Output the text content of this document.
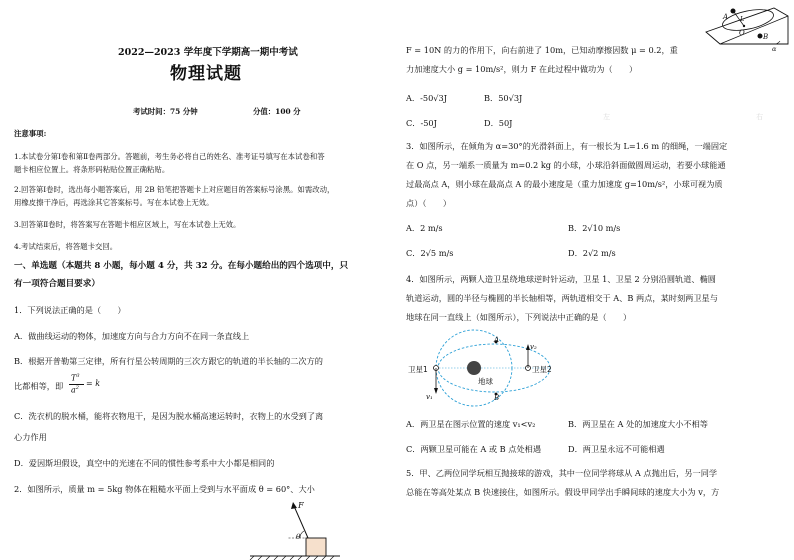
2022—2023 学年度下学期高一期中考试
物理试题
考试时间：75 分钟	分值：100 分
注意事项:
1.本试卷分第Ⅰ卷和第Ⅱ卷两部分。答题前，考生务必将自己的姓名、准考证号填写在本试卷和答
题卡相应位置上。将条形码粘贴位置正确粘贴。
2.回答第Ⅰ卷时，选出每小题答案后，用 2B 铅笔把答题卡上对应题目的答案标号涂黑。如需改动，
用橡皮擦干净后，再选涂其它答案标号。写在本试卷上无效。
3.回答第Ⅱ卷时，将答案写在答题卡相应区域上，写在本试卷上无效。
4.考试结束后，将答题卡交回。
一、单选题（本题共 8 小题，每小题 4 分，共 32 分。在每小题给出的四个选项中，只
有一项符合题目要求）
1．下列说法正确的是（　　）
A．做曲线运动的物体，加速度方向与合力方向不在同一条直线上
B．根据开普勒第三定律，所有行星公转周期的三次方跟它的轨道的半长轴的二次方的
比都相等，即
$T^3$
$a^2 = k$
C．洗衣机的脱水桶，能将衣物甩干，是因为脱水桶高速运转时，衣物上的水受到了离
心力作用
D．爱因斯坦假设，真空中的光速在不同的惯性参考系中大小都是相同的
2．如图所示，质量 m = 5kg 物体在粗糙水平面上受到与水平面成 θ = 60°、大小
F
θ
F = 10N 的力的作用下，向右前进了 10m，已知动摩擦因数 μ = 0.2，重
力加速度大小 g = 10m/s²，则力 F 在此过程中做功为（　　）
A．-50√3J	B．50√3J
C．-50J	D．50J
左	右
A L
O	B
α
3．如图所示，在倾角为 α=30°的光滑斜面上，有一根长为 L=1.6 m 的细绳，一端固定
在 O 点，另一端系一质量为 m=0.2 kg 的小球，小球沿斜面做圆周运动，若要小球能通
过最高点 A，则小球在最高点 A 的最小速度是（重力加速度 g=10m/s²，小球可视为质
点）（　　）
A．2 m/s	B．2√10 m/s
C．2√5 m/s	D．2√2 m/s
4．如图所示，两颗人造卫星绕地球逆时针运动，卫星 1、卫星 2 分别沿圆轨道、椭圆
轨道运动，圆的半径与椭圆的半长轴相等，两轨道相交于 A、B 两点，某时刻两卫星与
地球在同一直线上（如图所示），下列说法中正确的是（　　）
卫星1	卫星2
地球
A
B
v₁
v₂
A．两卫星在图示位置的速度 v₁<v₂	B．两卫星在 A 处的加速度大小不相等
C．两颗卫星可能在 A 或 B 点处相遇	D．两卫星永远不可能相遇
5．甲、乙两位同学玩相互抛接球的游戏，其中一位同学将球从 A 点抛出后，另一同学
总能在等高处某点 B 快速接住，如图所示。假设甲同学出手瞬间球的速度大小为 v，方
